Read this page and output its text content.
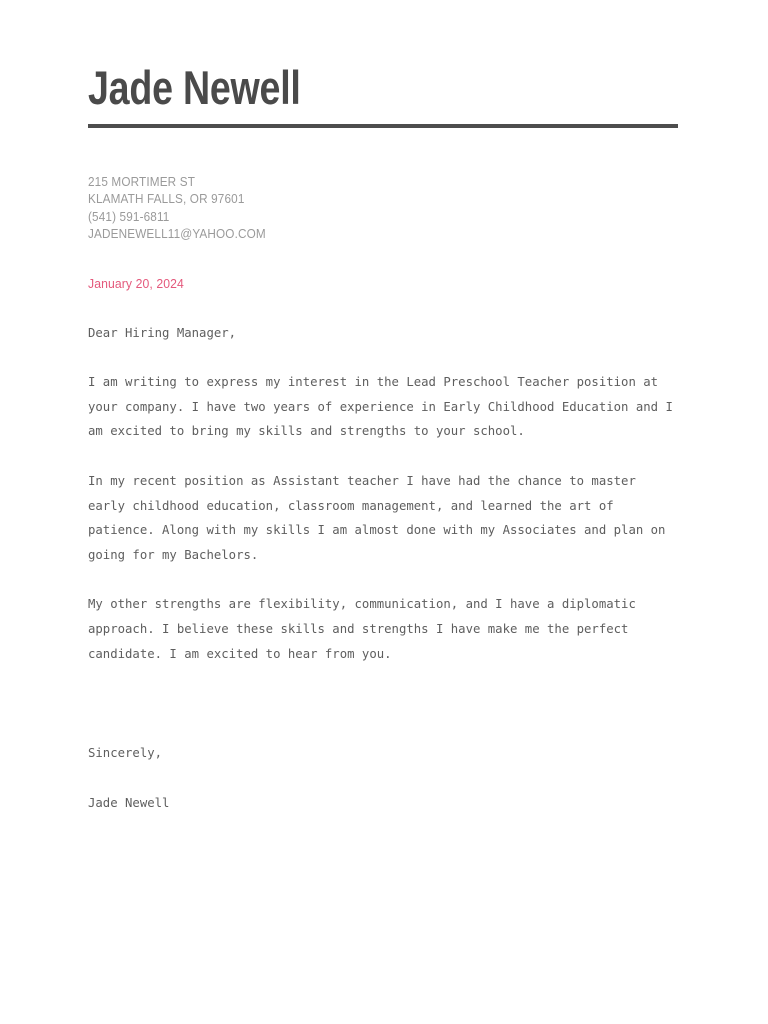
Jade Newell
215 MORTIMER ST
KLAMATH FALLS, OR 97601
(541) 591-6811
JADENEWELL11@YAHOO.COM
January 20, 2024

Dear Hiring Manager,

I am writing to express my interest in the Lead Preschool Teacher position at your company. I have two years of experience in Early Childhood Education and I am excited to bring my skills and strengths to your school.

In my recent position as Assistant teacher I have had the chance to master early childhood education, classroom management, and learned the art of patience. Along with my skills I am almost done with my Associates and plan on going for my Bachelors.

My other strengths are flexibility, communication, and I have a diplomatic approach. I believe these skills and strengths I have make me the perfect candidate. I am excited to hear from you.

Sincerely,

Jade Newell
